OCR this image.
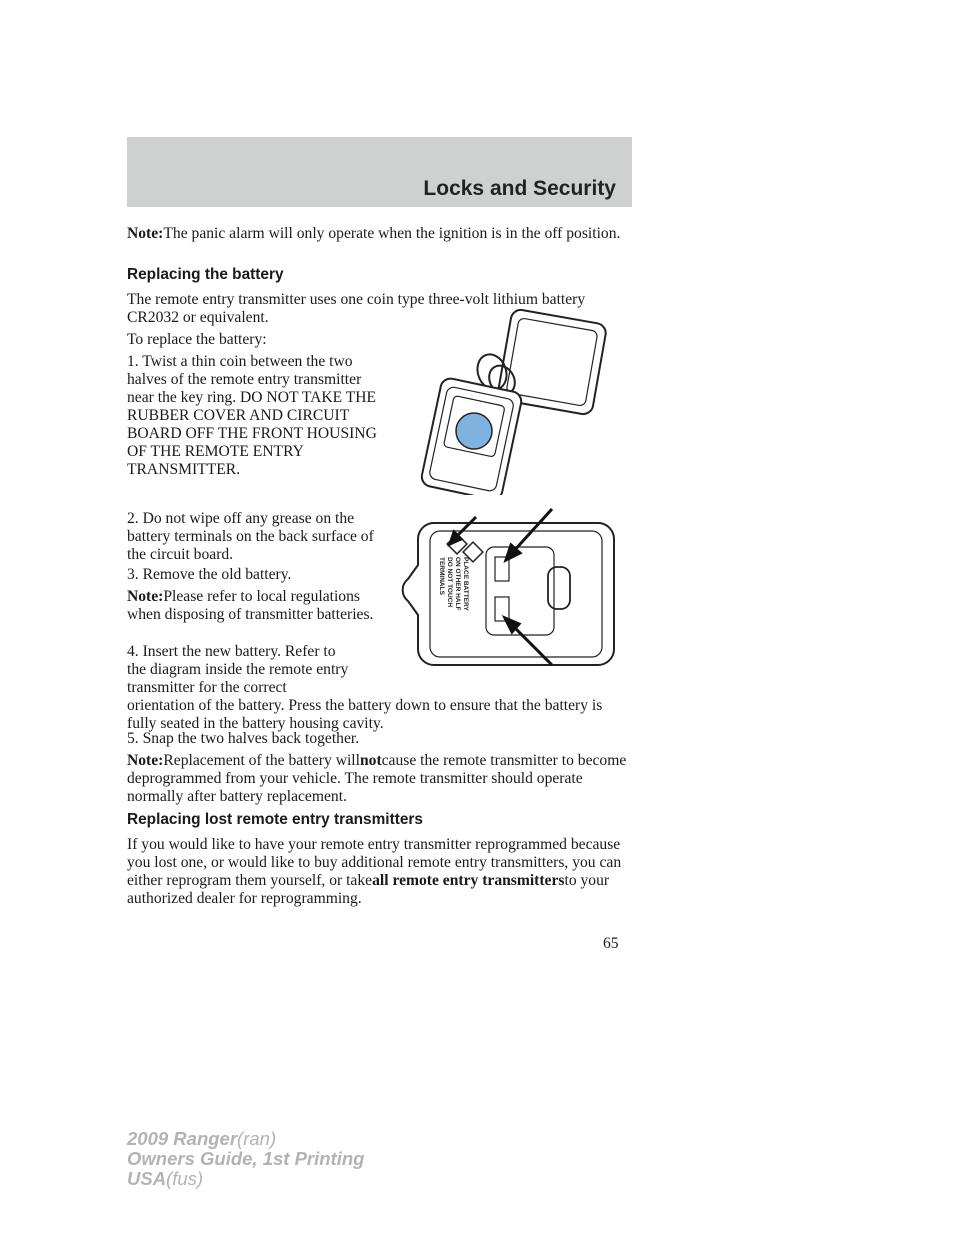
Locks and Security

Note:The panic alarm will only operate when the ignition is in the off position.

Replacing the battery

The remote entry transmitter uses one coin type three-volt lithium battery CR2032 or equivalent.

To replace the battery:

1. Twist a thin coin between the two halves of the remote entry transmitter near the key ring. DO NOT TAKE THE RUBBER COVER AND CIRCUIT BOARD OFF THE FRONT HOUSING OF THE REMOTE ENTRY TRANSMITTER.

2. Do not wipe off any grease on the battery terminals on the back surface of the circuit board.

3. Remove the old battery.

Note:Please refer to local regulations when disposing of transmitter batteries.

4. Insert the new battery. Refer to
the diagram inside the remote entry
transmitter for the correct
orientation of the battery. Press the battery down to ensure that the battery is fully seated in the battery housing cavity.

5. Snap the two halves back together.

Note:Replacement of the battery willnotcause the remote transmitter to become deprogrammed from your vehicle. The remote transmitter should operate normally after battery replacement.

Replacing lost remote entry transmitters

If you would like to have your remote entry transmitter reprogrammed because you lost one, or would like to buy additional remote entry transmitters, you can either reprogram them yourself, or takeall remote entry transmittersto your authorized dealer for reprogramming.

PLACE BATTERY
ON OTHER HALF
DO NOT TOUCH
TERMINALS
65
2009 Ranger(ran)
Owners Guide, 1st Printing
USA(fus)
